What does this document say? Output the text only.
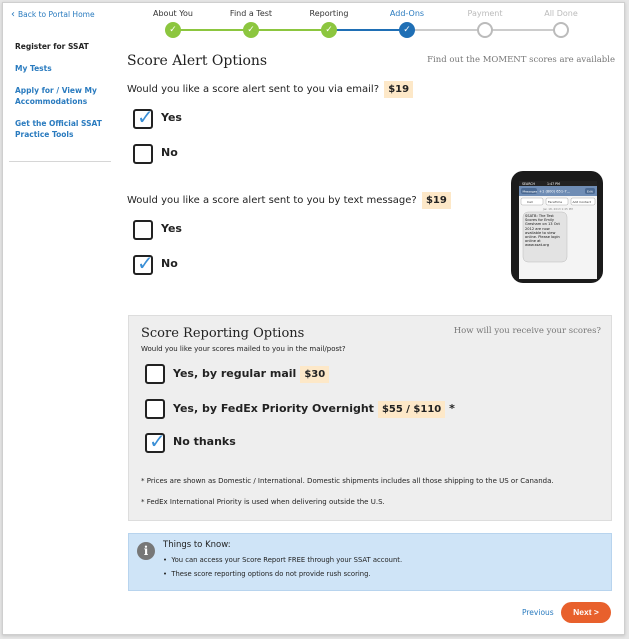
‹ Back to Portal Home
Register for SSAT
My Tests
Apply for / View My Accommodations
Get the Official SSAT Practice Tools
About You	Find a Test	Reporting	Add-Ons	Payment	All Done
✓	✓	✓	✓
Score Alert Options	Find out the MOMENT scores are available
Would you like a score alert sent to you via email? $19
✓ Yes
No
Would you like a score alert sent to you by text message? $19
Yes
✓ No
SEARCH	1:47 PM
Messages +1 (800) 651-7…	Edit
Call	FaceTime	Add Contact
Jan 18, 2013 1:45 PM
SSATB: The Test Scores for Emily Gresham on 13 Oct 2012 are now available to view online. Please login online at www.ssat.org
Score Reporting Options	How will you receive your scores?
Would you like your scores mailed to you in the mail/post?
Yes, by regular mail $30
Yes, by FedEx Priority Overnight $55 / $110 *
✓ No thanks
* Prices are shown as Domestic / International. Domestic shipments includes all those shipping to the US or Cananda.
* FedEx International Priority is used when delivering outside the U.S.
i	Things to Know:
•  You can access your Score Report FREE through your SSAT account.
•  These score reporting options do not provide rush scoring.
Previous	Next >
